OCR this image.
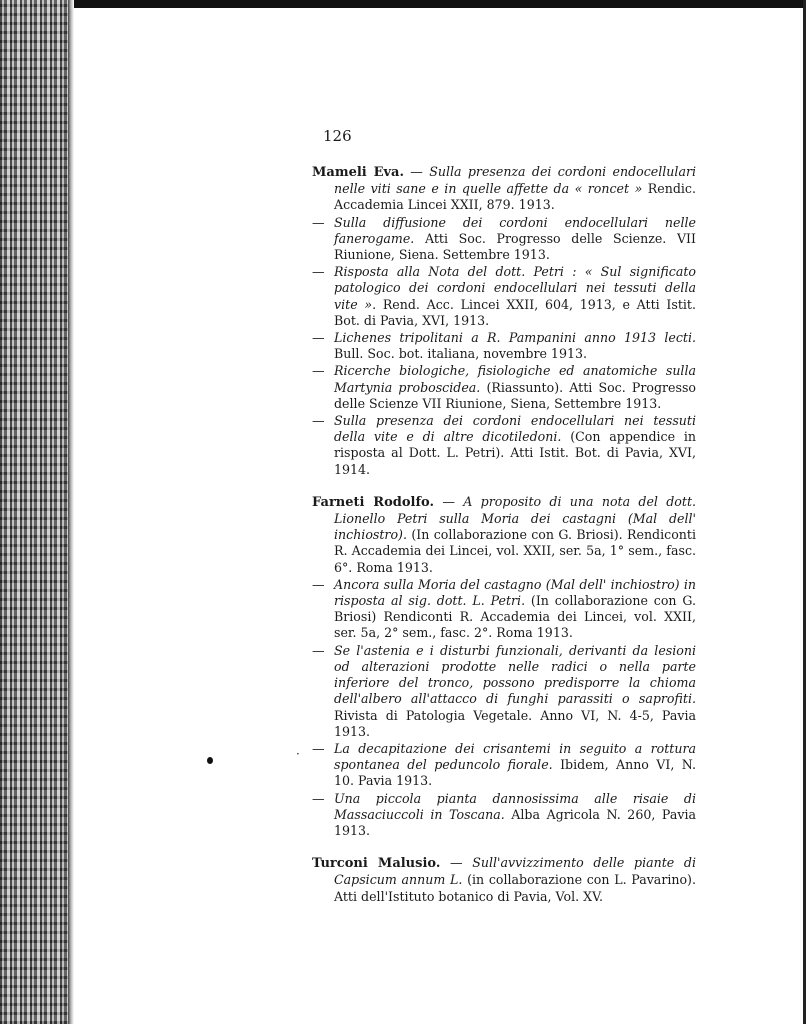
·
126

Mameli Eva. — Sulla presenza dei cordoni endocellulari nelle viti sane e in quelle affette da « roncet » Rendic. Accademia Lincei XXII, 879. 1913.

— Sulla diffusione dei cordoni endocellulari nelle fanerogame. Atti Soc. Progresso delle Scienze. VII Riunione, Siena. Settembre 1913.

— Risposta alla Nota del dott. Petri : « Sul significato patologico dei cordoni endocellulari nei tessuti della vite ». Rend. Acc. Lincei XXII, 604, 1913, e Atti Istit. Bot. di Pavia, XVI, 1913.

— Lichenes tripolitani a R. Pampanini anno 1913 lecti. Bull. Soc. bot. italiana, novembre 1913.

— Ricerche biologiche, fisiologiche ed anatomiche sulla Martynia proboscidea. (Riassunto). Atti Soc. Progresso delle Scienze VII Riunione, Siena, Settembre 1913.

— Sulla presenza dei cordoni endocellulari nei tessuti della vite e di altre dicotiledoni. (Con appendice in risposta al Dott. L. Petri). Atti Istit. Bot. di Pavia, XVI, 1914.

Farneti Rodolfo. — A proposito di una nota del dott. Lionello Petri sulla Moria dei castagni (Mal dell' inchiostro). (In collaborazione con G. Briosi). Rendiconti R. Accademia dei Lincei, vol. XXII, ser. 5a, 1° sem., fasc. 6°. Roma 1913.

— Ancora sulla Moria del castagno (Mal dell' inchiostro) in risposta al sig. dott. L. Petri. (In collaborazione con G. Briosi) Rendiconti R. Accademia dei Lincei, vol. XXII, ser. 5a, 2° sem., fasc. 2°. Roma 1913.

— Se l'astenia e i disturbi funzionali, derivanti da lesioni od alterazioni prodotte nelle radici o nella parte inferiore del tronco, possono predisporre la chioma dell'albero all'attacco di funghi parassiti o saprofiti. Rivista di Patologia Vegetale. Anno VI, N. 4-5, Pavia 1913.

— La decapitazione dei crisantemi in seguito a rottura spontanea del peduncolo fiorale. Ibidem, Anno VI, N. 10. Pavia 1913.

— Una piccola pianta dannosissima alle risaie di Massaciuccoli in Toscana. Alba Agricola N. 260, Pavia 1913.

Turconi Malusio. — Sull'avvizzimento delle piante di Capsicum annum L. (in collaborazione con L. Pavarino). Atti dell'Istituto botanico di Pavia, Vol. XV.
